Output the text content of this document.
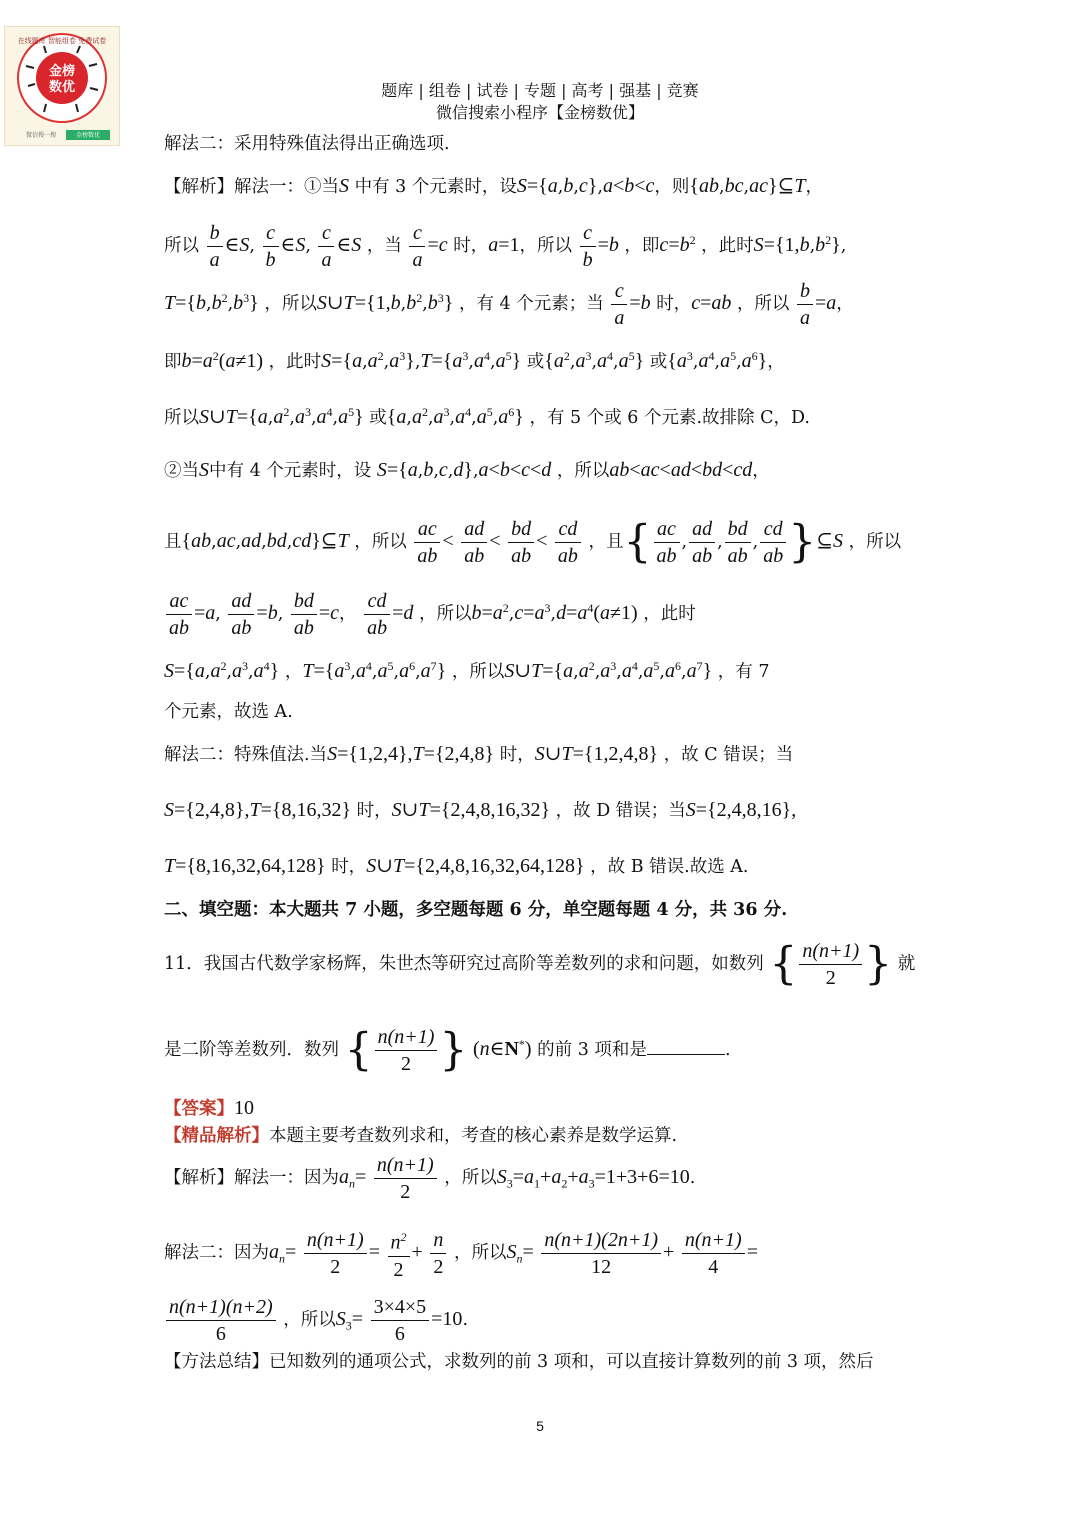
在线题库 智能组卷 免费试卷
金榜
数优
微信搜一搜	金榜数优
题库 | 组卷 | 试卷 | 专题 | 高考 | 强基 | 竞赛
微信搜索小程序【金榜数优】
解法二：采用特殊值法得出正确选项.
【解析】解法一：①当S 中有 3 个元素时，设S={a,b,c},a<b<c，则{ab,bc,ac}⊆T，
所以 $\frac{b}{a}$ ∈S, $\frac{c}{b}$ ∈S, $\frac{c}{a}$ ∈S ，当 $\frac{c}{a} =c$ 时，a=1，所以 $\frac{c}{b} =b$ ，即$c=b^2$ ，此时$S=\{1,b,b^2\}$,
$T=\{b,b^2,b^3\}$ ，所以$S\cup T=\{1,b,b^2,b^3\}$ ，有 4 个元素；当 $\frac{c}{a} =b$ 时，c=ab ，所以 $\frac{b}{a} =a$，
即$b=a^2(a\ne 1)$ ，此时$S=\{a,a^2,a^3\},T=\{a^3,a^4,a^5\}$ 或$\{a^2,a^3,a^4,a^5\}$ 或$\{a^3,a^4,a^5,a^6\}$，
所以$S\cup T=\{a,a^2,a^3,a^4,a^5\}$ 或$\{a,a^2,a^3,a^4,a^5,a^6\}$ ，有 5 个或 6 个元素.故排除 C，D.
②当S中有 4 个元素时，设 S={a,b,c,d},a<b<c<d ，所以ab<ac<ad<bd<cd，
且{ab,ac,ad,bd,cd}⊆T ，所以 $\frac{ac}{ab} < \frac{ad}{ab} < \frac{bd}{ab} < \frac{cd}{ab}$ ，且{ $\frac{ac}{ab}$ , $\frac{ad}{ab}$ , $\frac{bd}{ab}$ , $\frac{cd}{ab}$ }⊆S ，所以
$\frac{ac}{ab} =a$, $\frac{ad}{ab} =b$, $\frac{bd}{ab} =c$， $\frac{cd}{ab} =d$ ，所以$b=a^2,c=a^3,d=a^4(a\ne 1)$ ，此时
$S=\{a,a^2,a^3,a^4\}$ ，$T=\{a^3,a^4,a^5,a^6,a^7\}$ ，所以$S\cup T=\{a,a^2,a^3,a^4,a^5,a^6,a^7\}$ ，有 7
个元素，故选 A.
解法二：特殊值法.当S={1,2,4},T={2,4,8} 时，S∪T={1,2,4,8} ，故 C 错误；当
S={2,4,8},T={8,16,32} 时，S∪T={2,4,8,16,32} ，故 D 错误；当S={2,4,8,16},
T={8,16,32,64,128} 时，S∪T={2,4,8,16,32,64,128} ，故 B 错误.故选 A.
二、填空题：本大题共 7 小题，多空题每题 6 分，单空题每题 4 分，共 36 分.
11．我国古代数学家杨辉，朱世杰等研究过高阶等差数列的求和问题，如数列 { $\frac{n(n+1)}{2}$ } 就
是二阶等差数列．数列 { $\frac{n(n+1)}{2}$ } (n∈N*) 的前 3 项和是	.
【答案】10
【精品解析】本题主要考查数列求和，考查的核心素养是数学运算.
【解析】解法一：因为$a_n= \frac{n(n+1)}{2}$ ，所以$S_3=a_1+a_2+a_3=1+3+6=10$.
解法二：因为$a_n= \frac{n(n+1)}{2} = \frac{n^2}{2} + \frac{n}{2}$ ，所以$S_n= \frac{n(n+1)(2n+1)}{12} + \frac{n(n+1)}{4}$ =
$\frac{n(n+1)(n+2)}{6}$ ，所以$S_3= \frac{3\times 4\times 5}{6} =10$.
【方法总结】已知数列的通项公式，求数列的前 3 项和，可以直接计算数列的前 3 项，然后
5
